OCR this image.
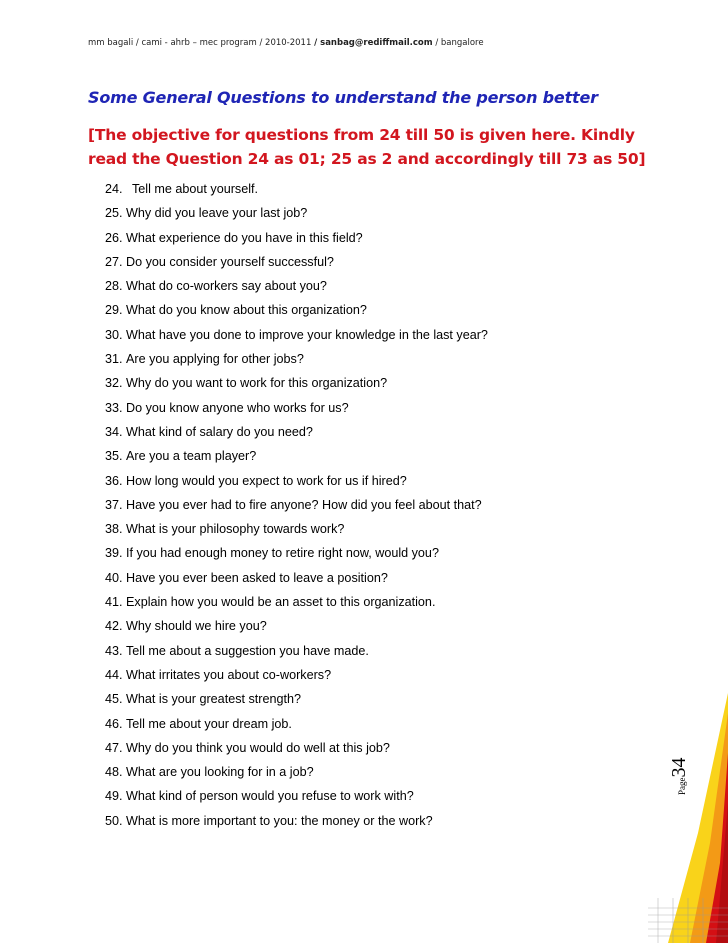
mm bagali / cami - ahrb – mec program / 2010-2011 / sanbag@rediffmail.com / bangalore
Some General Questions to understand the person better
[The objective for questions from 24 till 50 is given here. Kindly read the Question 24 as 01; 25 as 2 and accordingly till 73 as 50]
24. Tell me about yourself.
25. Why did you leave your last job?
26. What experience do you have in this field?
27. Do you consider yourself successful?
28. What do co-workers say about you?
29. What do you know about this organization?
30. What have you done to improve your knowledge in the last year?
31. Are you applying for other jobs?
32. Why do you want to work for this organization?
33. Do you know anyone who works for us?
34. What kind of salary do you need?
35. Are you a team player?
36. How long would you expect to work for us if hired?
37. Have you ever had to fire anyone? How did you feel about that?
38. What is your philosophy towards work?
39. If you had enough money to retire right now, would you?
40. Have you ever been asked to leave a position?
41. Explain how you would be an asset to this organization.
42. Why should we hire you?
43. Tell me about a suggestion you have made.
44. What irritates you about co-workers?
45. What is your greatest strength?
46. Tell me about your dream job.
47. Why do you think you would do well at this job?
48. What are you looking for in a job?
49. What kind of person would you refuse to work with?
50. What is more important to you: the money or the work?
Page34
